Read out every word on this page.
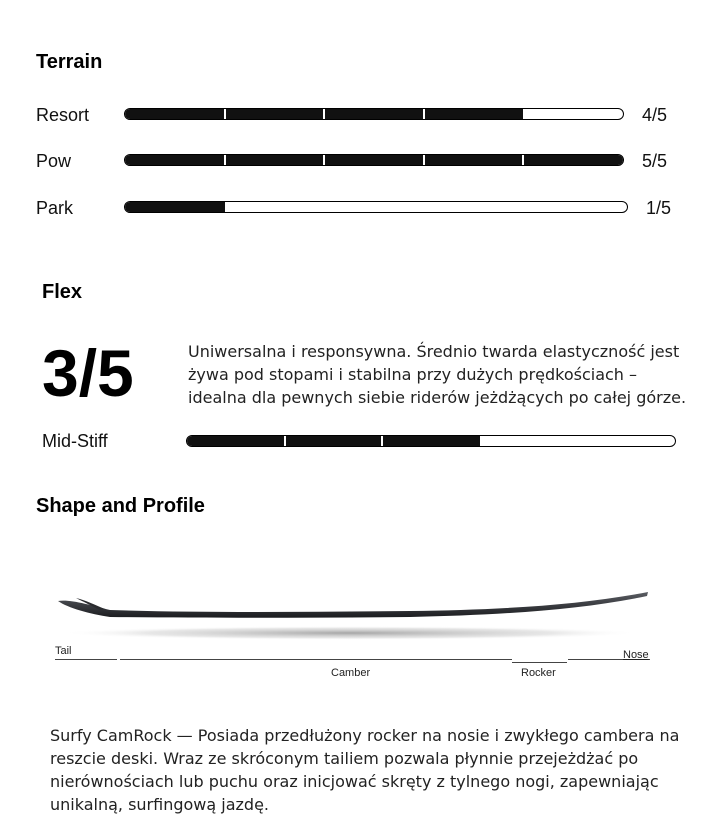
Terrain
Resort	4/5
Pow	5/5
Park	1/5
Flex
3/5	Uniwersalna i responsywna. Średnio twarda elastyczność jest żywa pod stopami i stabilna przy dużych prędkościach – idealna dla pewnych siebie riderów jeżdżących po całej górze.
Mid-Stiff
Shape and Profile
Tail
Camber	Rocker
Nose
Surfy CamRock — Posiada przedłużony rocker na nosie i zwykłego cambera na reszcie deski. Wraz ze skróconym tailiem pozwala płynnie przejeżdżać po nierównościach lub puchu oraz inicjować skręty z tylnego nogi, zapewniając unikalną, surfingową jazdę.
